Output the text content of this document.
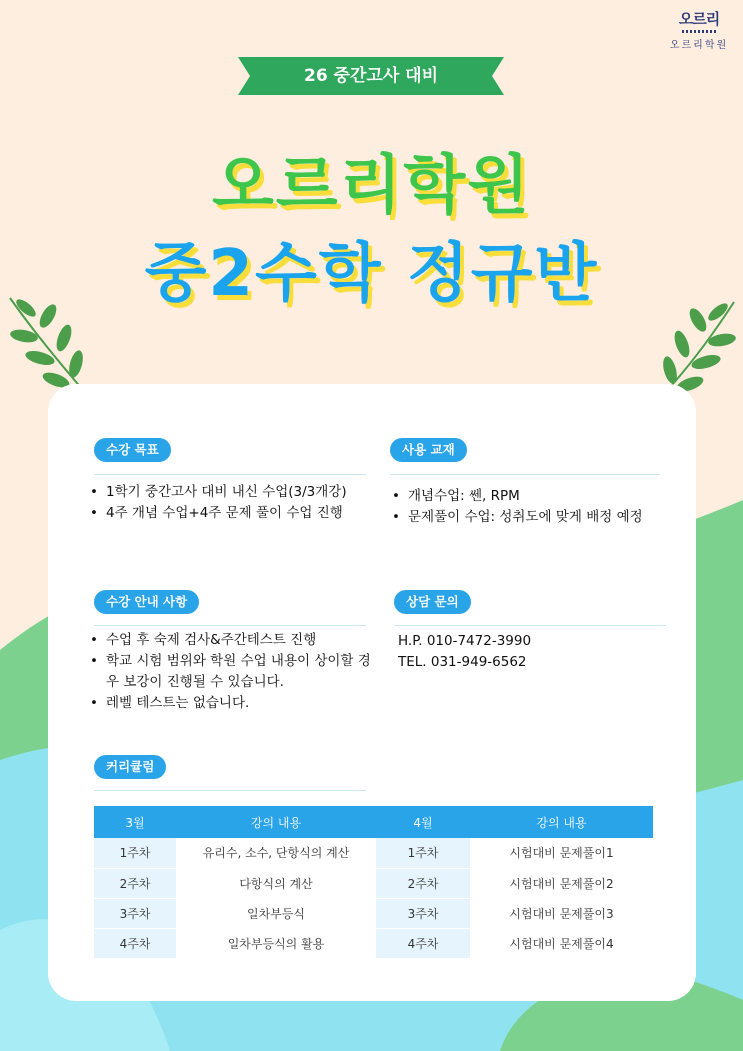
오르리
오르리학원
26 중간고사 대비
오르리학원
중2수학 정규반
수강 목표
• 1학기 중간고사 대비 내신 수업(3/3개강)
• 4주 개념 수업+4주 문제 풀이 수업 진행
사용 교재
• 개념수업: 쎈, RPM
• 문제풀이 수업: 성취도에 맞게 배정 예정
수강 안내 사항
• 수업 후 숙제 검사&주간테스트 진행
• 학교 시험 범위와 학원 수업 내용이 상이할 경우 보강이 진행될 수 있습니다.
• 레벨 테스트는 없습니다.
상담 문의
H.P. 010-7472-3990
TEL. 031-949-6562
커리큘럼
3월	강의 내용	4월	강의 내용
1주차	유리수, 소수, 단항식의 계산	1주차	시험대비 문제풀이1
2주차	다항식의 계산	2주차	시험대비 문제풀이2
3주차	일차부등식	3주차	시험대비 문제풀이3
4주차	일차부등식의 활용	4주차	시험대비 문제풀이4
